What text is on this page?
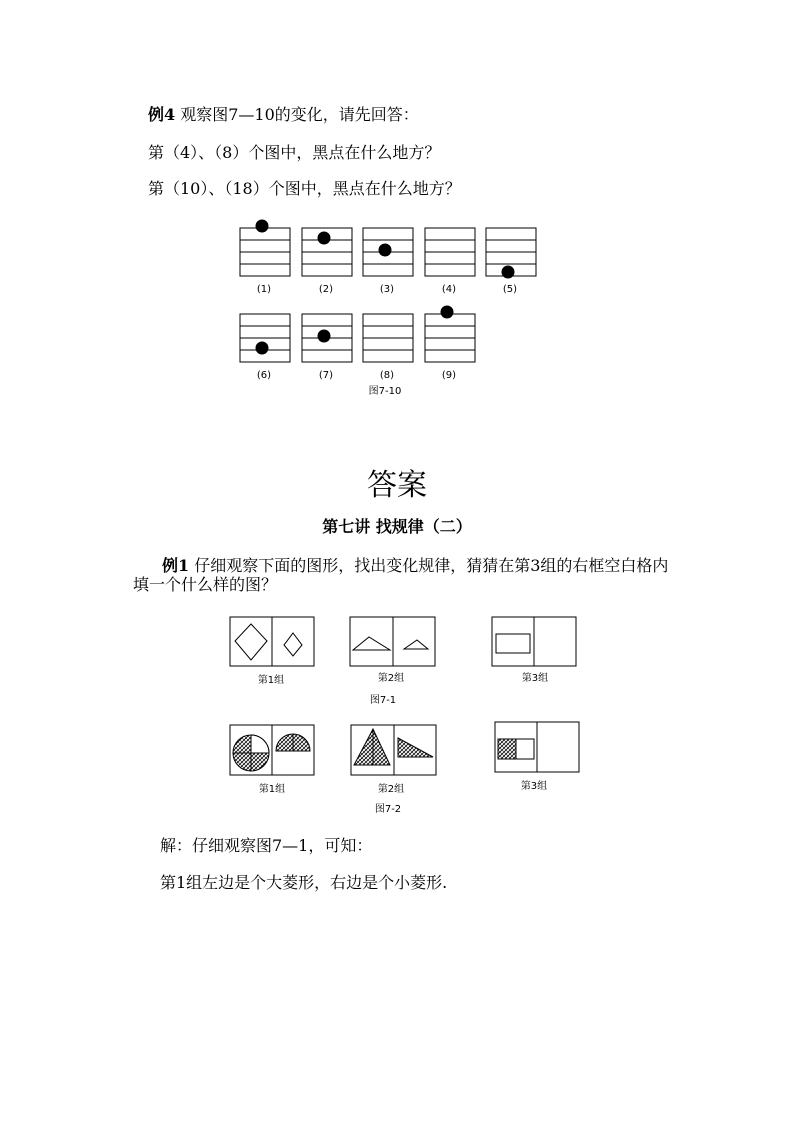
例4 观察图7—10的变化，请先回答：
第（4）、（8）个图中，黑点在什么地方？
第（10）、（18）个图中，黑点在什么地方？
(1)	(2)	(3)	(4)	(5)
(6)	(7)	(8)	(9)
图7-10
答案
第七讲 找规律（二）
例1 仔细观察下面的图形，找出变化规律，猜猜在第3组的右框空白格内
填一个什么样的图？
第1组	第2组	第3组
图7-1
第1组	第2组	第3组
图7-2
解：仔细观察图7—1，可知：
第1组左边是个大菱形，右边是个小菱形.
